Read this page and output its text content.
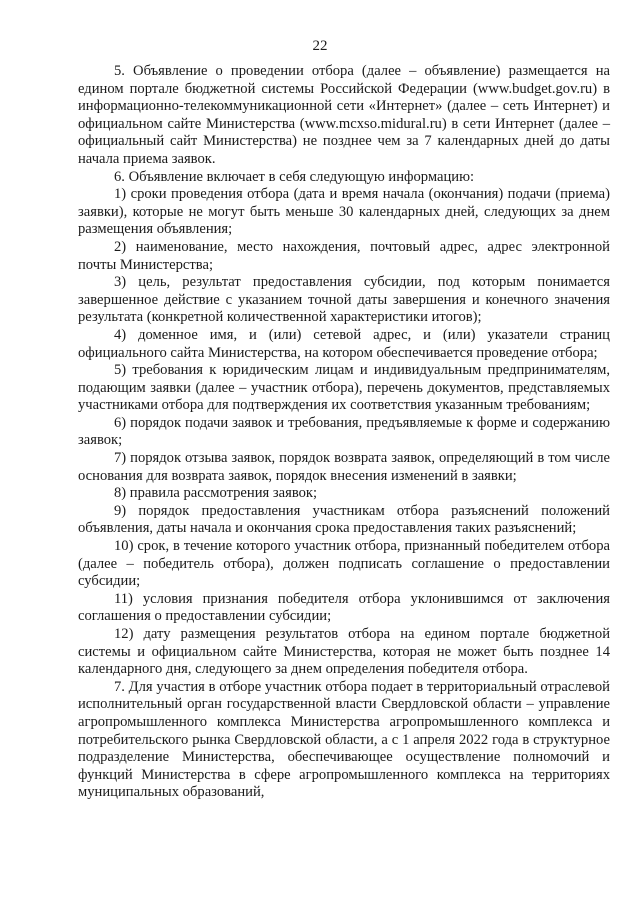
22

5. Объявление о проведении отбора (далее – объявление) размещается на едином портале бюджетной системы Российской Федерации (www.budget.gov.ru) в информационно-телекоммуникационной сети «Интернет» (далее – сеть Интернет) и официальном сайте Министерства (www.mcxso.midural.ru) в сети Интернет (далее – официальный сайт Министерства) не позднее чем за 7 календарных дней до даты начала приема заявок.

6. Объявление включает в себя следующую информацию:

1) сроки проведения отбора (дата и время начала (окончания) подачи (приема) заявки), которые не могут быть меньше 30 календарных дней, следующих за днем размещения объявления;

2) наименование, место нахождения, почтовый адрес, адрес электронной почты Министерства;

3) цель, результат предоставления субсидии, под которым понимается завершенное действие с указанием точной даты завершения и конечного значения результата (конкретной количественной характеристики итогов);

4) доменное имя, и (или) сетевой адрес, и (или) указатели страниц официального сайта Министерства, на котором обеспечивается проведение отбора;

5) требования к юридическим лицам и индивидуальным предпринимателям, подающим заявки (далее – участник отбора), перечень документов, представляемых участниками отбора для подтверждения их соответствия указанным требованиям;

6) порядок подачи заявок и требования, предъявляемые к форме и содержанию заявок;

7) порядок отзыва заявок, порядок возврата заявок, определяющий в том числе основания для возврата заявок, порядок внесения изменений в заявки;

8) правила рассмотрения заявок;

9) порядок предоставления участникам отбора разъяснений положений объявления, даты начала и окончания срока предоставления таких разъяснений;

10) срок, в течение которого участник отбора, признанный победителем отбора (далее – победитель отбора), должен подписать соглашение о предоставлении субсидии;

11) условия признания победителя отбора уклонившимся от заключения соглашения о предоставлении субсидии;

12) дату размещения результатов отбора на едином портале бюджетной системы и официальном сайте Министерства, которая не может быть позднее 14 календарного дня, следующего за днем определения победителя отбора.

7. Для участия в отборе участник отбора подает в территориальный отраслевой исполнительный орган государственной власти Свердловской области – управление агропромышленного комплекса Министерства агропромышленного комплекса и потребительского рынка Свердловской области, а с 1 апреля 2022 года в структурное подразделение Министерства, обеспечивающее осуществление полномочий и функций Министерства в сфере агропромышленного комплекса на территориях муниципальных образований,
